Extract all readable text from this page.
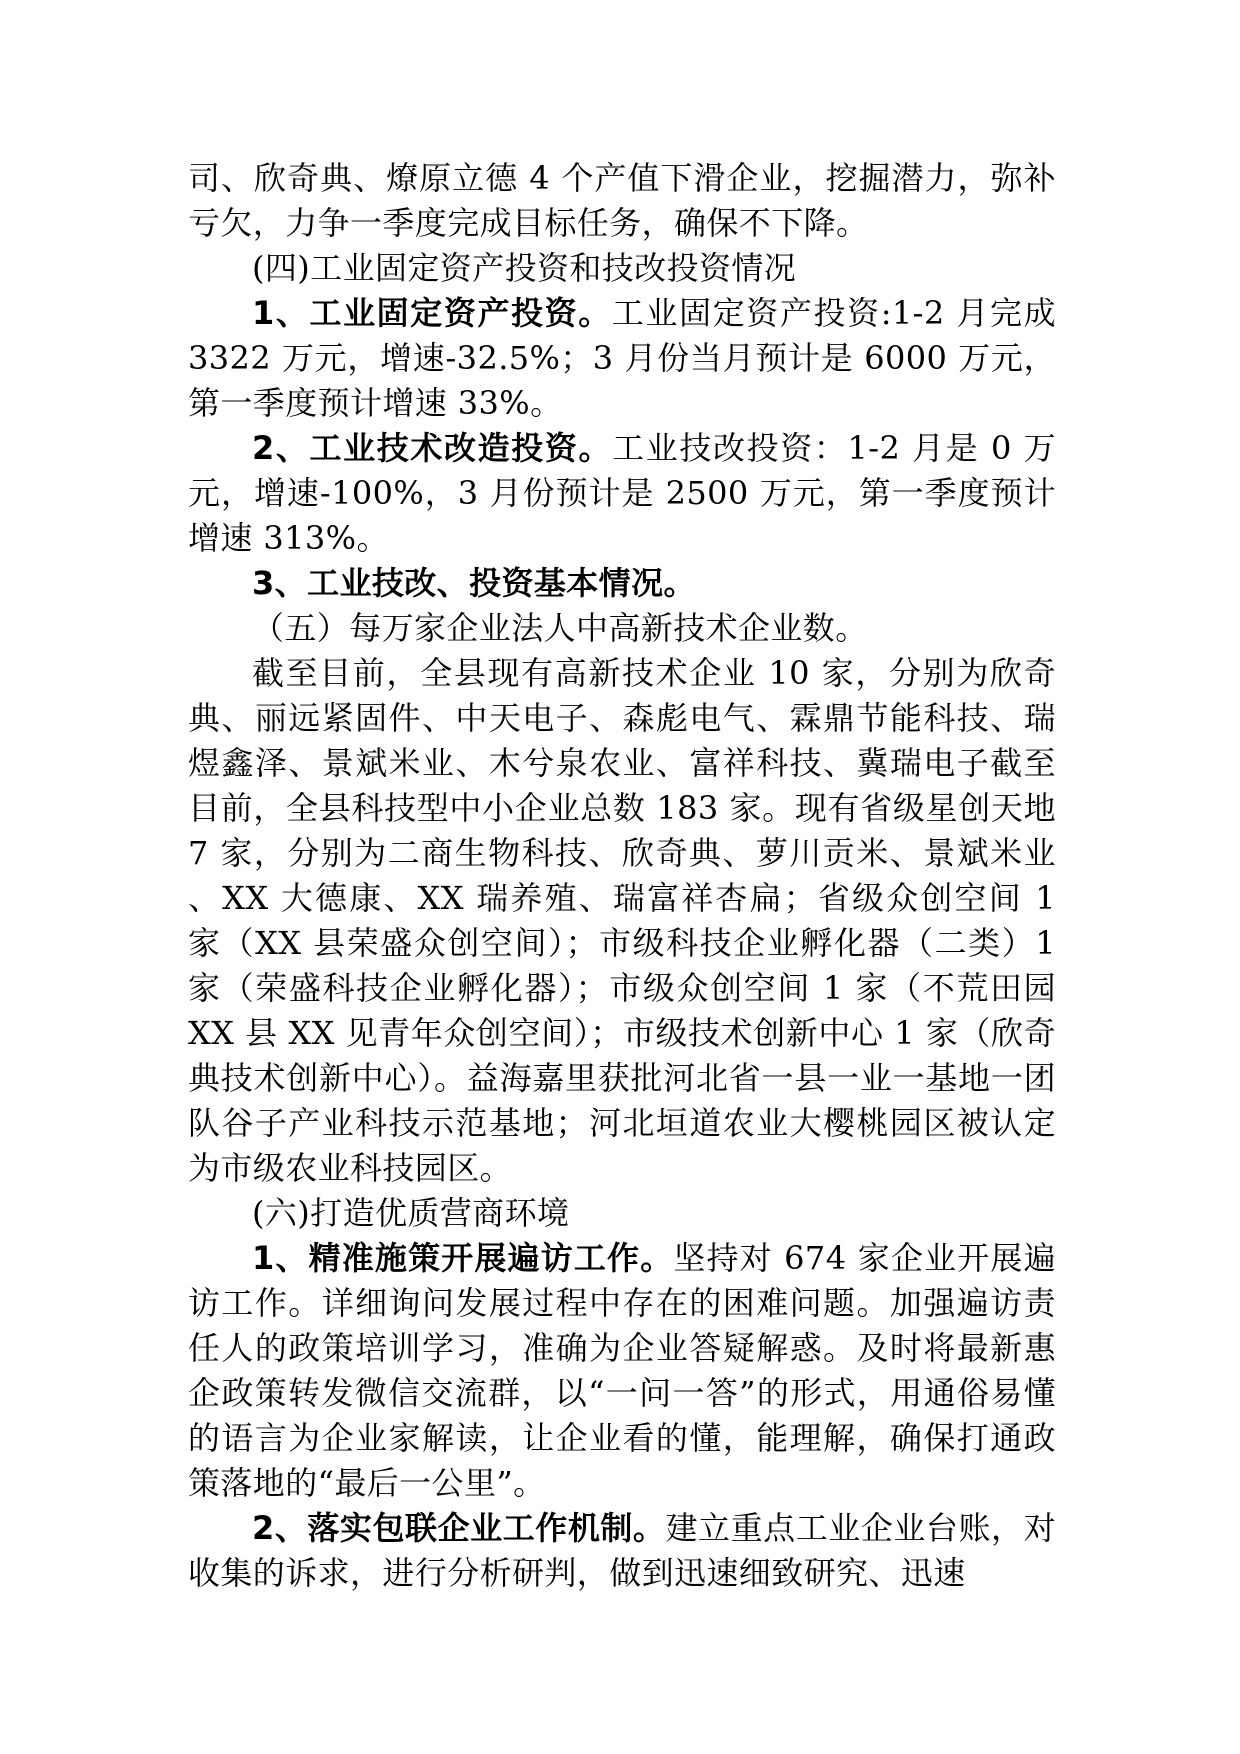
司、欣奇典、燎原立德 4 个产值下滑企业，挖掘潜力，弥补亏欠，力争一季度完成目标任务，确保不下降。

(四)工业固定资产投资和技改投资情况

1、工业固定资产投资。工业固定资产投资:1-2 月完成 3322 万元，增速-32.5%；3 月份当月预计是 6000 万元，第一季度预计增速 33%。

2、工业技术改造投资。工业技改投资：1-2 月是 0 万元，增速-100%，3 月份预计是 2500 万元，第一季度预计增速 313%。

3、工业技改、投资基本情况。

（五）每万家企业法人中高新技术企业数。

截至目前，全县现有高新技术企业 10 家，分别为欣奇典、丽远紧固件、中天电子、森彪电气、霖鼎节能科技、瑞煜鑫泽、景斌米业、木兮泉农业、富祥科技、冀瑞电子截至目前，全县科技型中小企业总数 183 家。现有省级星创天地 7 家，分别为二商生物科技、欣奇典、萝川贡米、景斌米业、XX 大德康、XX 瑞养殖、瑞富祥杏扁；省级众创空间 1 家（XX 县荣盛众创空间）；市级科技企业孵化器（二类）1 家（荣盛科技企业孵化器）；市级众创空间 1 家（不荒田园 XX 县 XX 见青年众创空间）；市级技术创新中心 1 家（欣奇典技术创新中心）。益海嘉里获批河北省一县一业一基地一团队谷子产业科技示范基地；河北垣道农业大樱桃园区被认定为市级农业科技园区。

(六)打造优质营商环境

1、精准施策开展遍访工作。坚持对 674 家企业开展遍访工作。详细询问发展过程中存在的困难问题。加强遍访责任人的政策培训学习，准确为企业答疑解惑。及时将最新惠企政策转发微信交流群，以“一问一答”的形式，用通俗易懂的语言为企业家解读，让企业看的懂，能理解，确保打通政策落地的“最后一公里”。

2、落实包联企业工作机制。建立重点工业企业台账，对收集的诉求，进行分析研判，做到迅速细致研究、迅速
